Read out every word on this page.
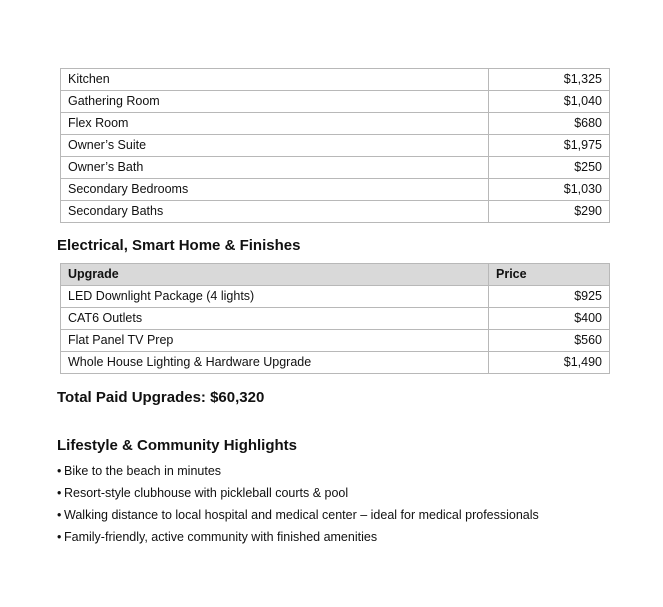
Kitchen	$1,325
Gathering Room	$1,040
Flex Room	$680
Owner’s Suite	$1,975
Owner’s Bath	$250
Secondary Bedrooms	$1,030
Secondary Baths	$290
Electrical, Smart Home & Finishes
Upgrade	Price
LED Downlight Package (4 lights)	$925
CAT6 Outlets	$400
Flat Panel TV Prep	$560
Whole House Lighting & Hardware Upgrade	$1,490
Total Paid Upgrades: $60,320
Lifestyle & Community Highlights
• Bike to the beach in minutes
• Resort-style clubhouse with pickleball courts & pool
• Walking distance to local hospital and medical center – ideal for medical professionals
• Family-friendly, active community with finished amenities
